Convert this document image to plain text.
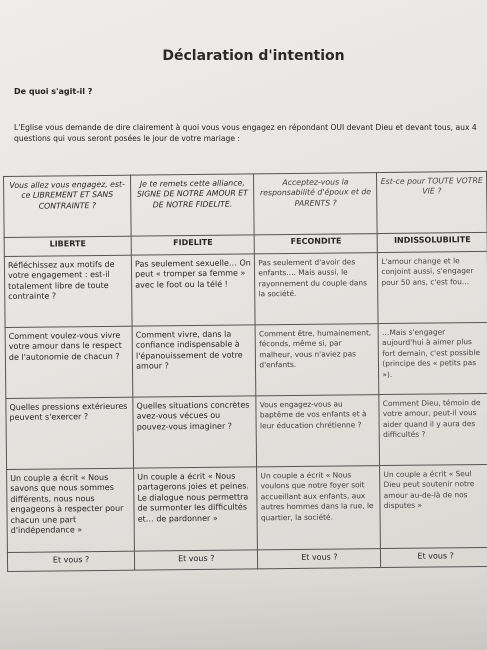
Déclaration d'intention
De quoi s'agit-il ?
L'Eglise vous demande de dire clairement à quoi vous vous engagez en répondant OUI devant Dieu et devant tous, aux 4 questions qui vous seront posées le jour de votre mariage :
Vous allez vous engagez, est-ce LIBREMENT ET SANS CONTRAINTE ?	Je te remets cette alliance, SIGNE DE NOTRE AMOUR ET DE NOTRE FIDELITE.	Acceptez-vous la responsabilité d'époux et de PARENTS ?	Est-ce pour TOUTE VOTRE VIE ?
LIBERTE	FIDELITE	FECONDITE	INDISSOLUBILITE
Réfléchissez aux motifs de votre engagement : est-il totalement libre de toute contrainte ?	Pas seulement sexuelle… On peut « tromper sa femme » avec le foot ou la télé !	Pas seulement d'avoir des enfants…. Mais aussi, le rayonnement du couple dans la société.	L'amour change et le conjoint aussi, s'engager pour 50 ans, c'est fou…
Comment voulez-vous vivre votre amour dans le respect de l'autonomie de chacun ?	Comment vivre, dans la confiance indispensable à l'épanouissement de votre amour ?	Comment être, humainement, féconds, même si, par malheur, vous n'aviez pas d'enfants.	…Mais s'engager aujourd'hui à aimer plus fort demain, c'est possible (principe des « petits pas »).
Quelles pressions extérieures peuvent s'exercer ?	Quelles situations concrètes avez-vous vécues ou pouvez-vous imaginer ?	Vous engagez-vous au baptême de vos enfants et à leur éducation chrétienne ?	Comment Dieu, témoin de votre amour, peut-il vous aider quand il y aura des difficultés ?
Un couple a écrit « Nous savons que nous sommes différents, nous nous engageons à respecter pour chacun une part d'indépendance »	Un couple a écrit « Nous partagerons joies et peines. Le dialogue nous permettra de surmonter les difficultés et… de pardonner »	Un couple a écrit « Nous voulons que notre foyer soit accueillant aux enfants, aux autres hommes dans la rue, le quartier, la société.	Un couple a écrit « Seul Dieu peut soutenir notre amour au-de-là de nos disputes »
Et vous ?	Et vous ?	Et vous ?	Et vous ?
